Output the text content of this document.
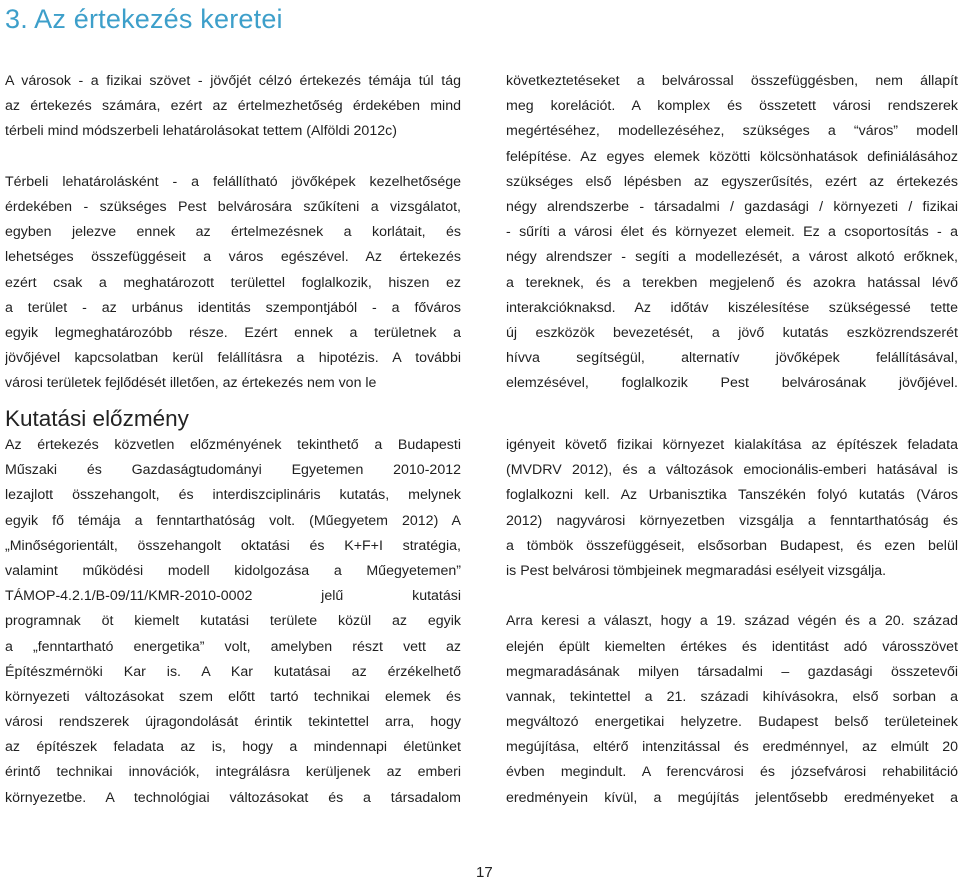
3. Az értekezés keretei
A városok - a fizikai szövet - jövőjét célzó értekezés témája túl tág
az értekezés számára, ezért az értelmezhetőség érdekében mind
térbeli mind módszerbeli lehatárolásokat tettem (Alföldi 2012c)
Térbeli lehatárolásként - a felállítható jövőképek kezelhetősége
érdekében - szükséges Pest belvárosára szűkíteni a vizsgálatot,
egyben jelezve ennek az értelmezésnek a korlátait, és
lehetséges összefüggéseit a város egészével. Az értekezés
ezért csak a meghatározott területtel foglalkozik, hiszen ez
a terület - az urbánus identitás szempontjából - a főváros
egyik legmeghatározóbb része. Ezért ennek a területnek a
jövőjével kapcsolatban kerül felállításra a hipotézis. A további
városi területek fejlődését illetően, az értekezés nem von le
következtetéseket a belvárossal összefüggésben, nem állapít
meg korelációt. A komplex és összetett városi rendszerek
megértéséhez, modellezéséhez, szükséges a “város” modell
felépítése. Az egyes elemek közötti kölcsönhatások definiálásához
szükséges első lépésben az egyszerűsítés, ezért az értekezés
négy alrendszerbe - társadalmi / gazdasági / környezeti / fizikai
- sűríti a városi élet és környezet elemeit. Ez a csoportosítás - a
négy alrendszer - segíti a modellezését, a várost alkotó erőknek,
a tereknek, és a terekben megjelenő és azokra hatással lévő
interakcióknaksd. Az időtáv kiszélesítése szükségessé tette
új eszközök bevezetését, a jövő kutatás eszközrendszerét
hívva segítségül, alternatív jövőképek felállításával,
elemzésével, foglalkozik Pest belvárosának jövőjével.
Kutatási előzmény
Az értekezés közvetlen előzményének tekinthető a Budapesti
Műszaki és Gazdaságtudományi Egyetemen 2010-2012
lezajlott összehangolt, és interdiszciplináris kutatás, melynek
egyik fő témája a fenntarthatóság volt. (Műegyetem 2012) A
„Minőségorientált, összehangolt oktatási és K+F+I stratégia,
valamint működési modell kidolgozása a Műegyetemen”
TÁMOP-4.2.1/B-09/11/KMR-2010-0002 jelű kutatási
programnak öt kiemelt kutatási területe közül az egyik
a „fenntartható energetika” volt, amelyben részt vett az
Építészmérnöki Kar is. A Kar kutatásai az érzékelhető
környezeti változásokat szem előtt tartó technikai elemek és
városi rendszerek újragondolását érintik tekintettel arra, hogy
az építészek feladata az is, hogy a mindennapi életünket
érintő technikai innovációk, integrálásra kerüljenek az emberi
környezetbe. A technológiai változásokat és a társadalom
igényeit követő fizikai környezet kialakítása az építészek feladata
(MVDRV 2012), és a változások emocionális-emberi hatásával is
foglalkozni kell. Az Urbanisztika Tanszékén folyó kutatás (Város
2012) nagyvárosi környezetben vizsgálja a fenntarthatóság és
a tömbök összefüggéseit, elsősorban Budapest, és ezen belül
is Pest belvárosi tömbjeinek megmaradási esélyeit vizsgálja.
Arra keresi a választ, hogy a 19. század végén és a 20. század
elején épült kiemelten értékes és identitást adó városszövet
megmaradásának milyen társadalmi – gazdasági összetevői
vannak, tekintettel a 21. századi kihívásokra, első sorban a
megváltozó energetikai helyzetre. Budapest belső területeinek
megújítása, eltérő intenzitással és eredménnyel, az elmúlt 20
évben megindult. A ferencvárosi és józsefvárosi rehabilitáció
eredményein kívül, a megújítás jelentősebb eredményeket a
17
